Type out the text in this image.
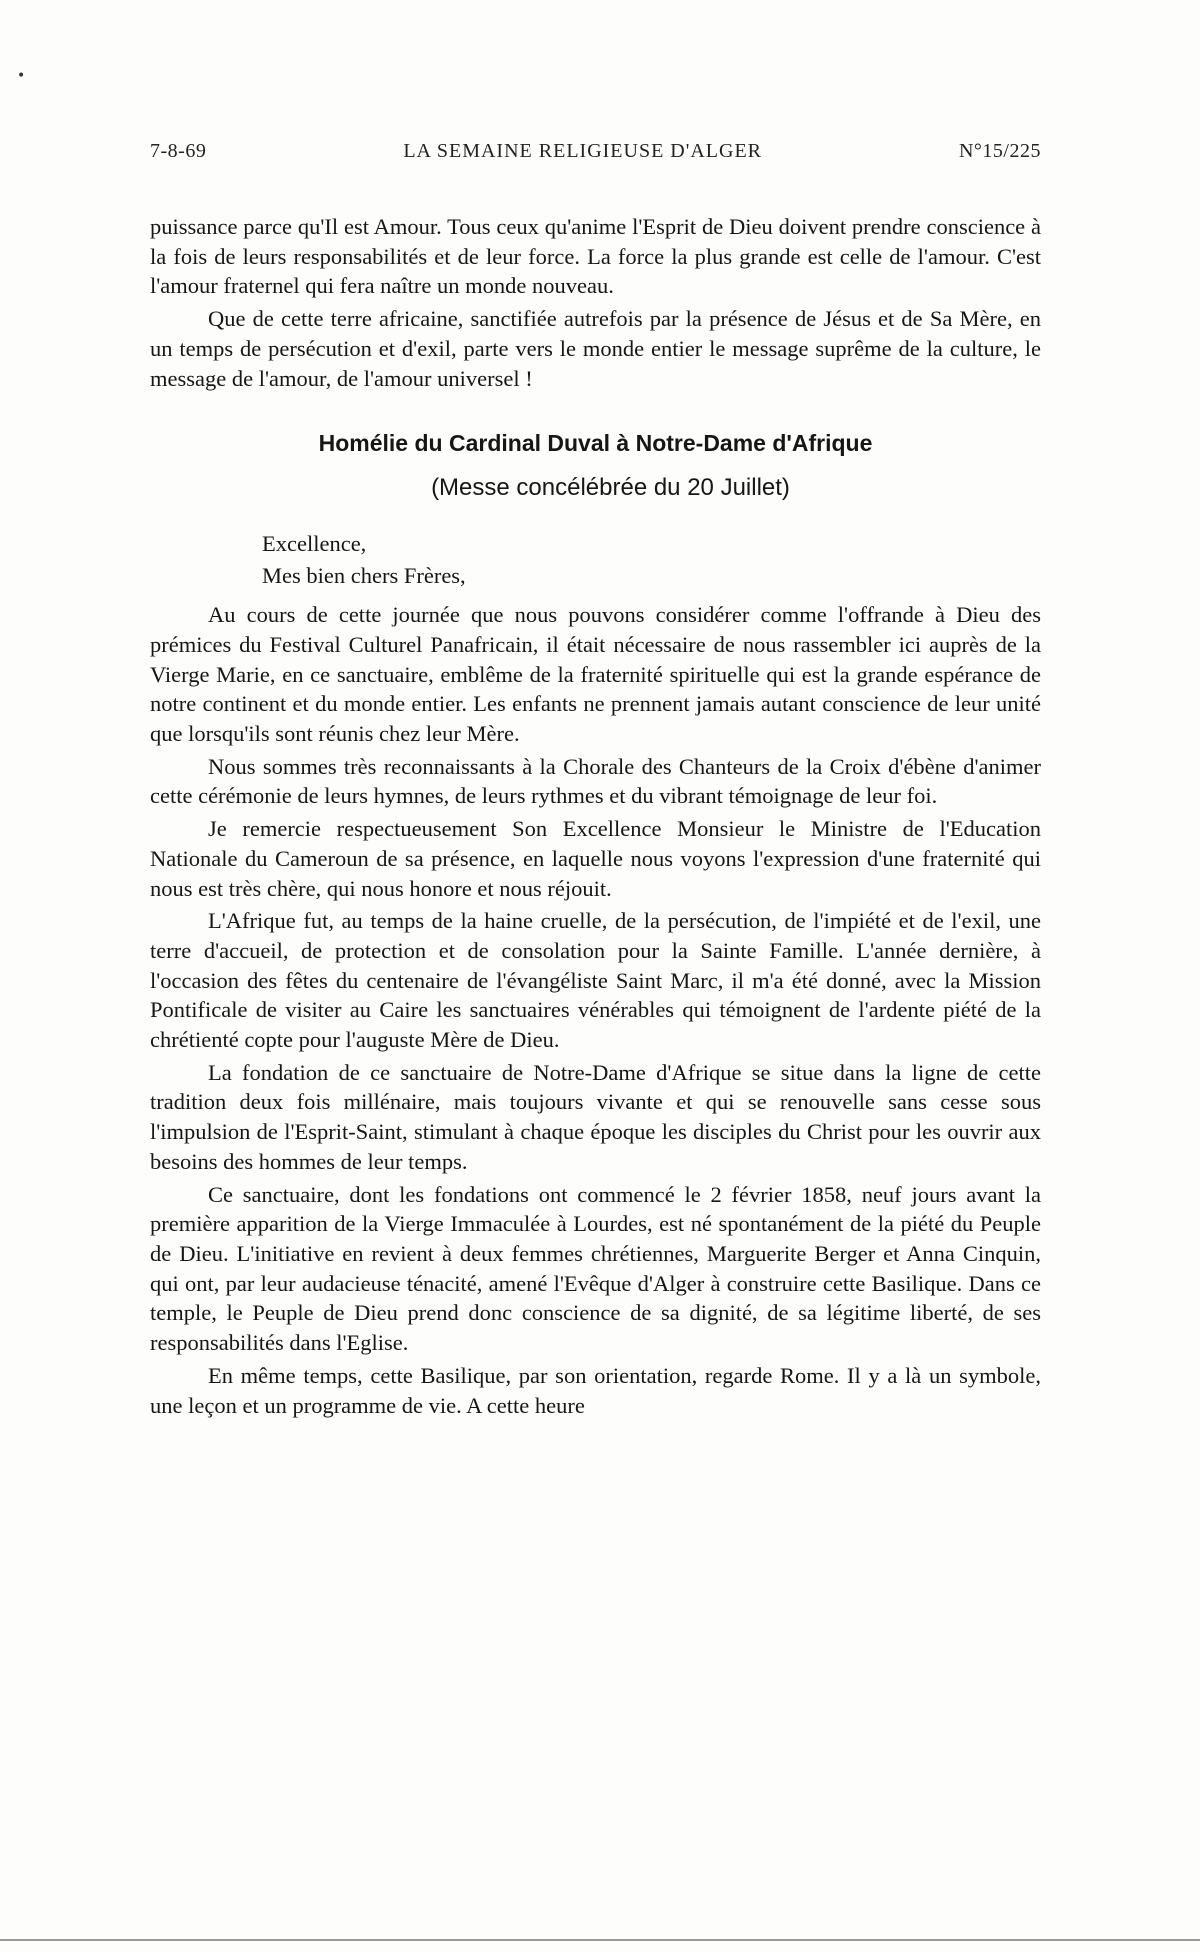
•
7-8-69	LA SEMAINE RELIGIEUSE D'ALGER	N°15/225

puissance parce qu'Il est Amour. Tous ceux qu'anime l'Esprit de Dieu doivent prendre conscience à la fois de leurs responsabilités et de leur force. La force la plus grande est celle de l'amour. C'est l'amour fraternel qui fera naître un monde nouveau.

Que de cette terre africaine, sanctifiée autrefois par la présence de Jésus et de Sa Mère, en un temps de persécution et d'exil, parte vers le monde entier le message suprême de la culture, le message de l'amour, de l'amour universel !

Homélie du Cardinal Duval à Notre-Dame d'Afrique
(Messe concélébrée du 20 Juillet)
Excellence,
Mes bien chers Frères,

Au cours de cette journée que nous pouvons considérer comme l'offrande à Dieu des prémices du Festival Culturel Panafricain, il était nécessaire de nous rassembler ici auprès de la Vierge Marie, en ce sanctuaire, emblême de la fraternité spirituelle qui est la grande espérance de notre continent et du monde entier. Les enfants ne prennent jamais autant conscience de leur unité que lorsqu'ils sont réunis chez leur Mère.

Nous sommes très reconnaissants à la Chorale des Chanteurs de la Croix d'ébène d'animer cette cérémonie de leurs hymnes, de leurs rythmes et du vibrant témoignage de leur foi.

Je remercie respectueusement Son Excellence Monsieur le Ministre de l'Education Nationale du Cameroun de sa présence, en laquelle nous voyons l'expression d'une fraternité qui nous est très chère, qui nous honore et nous réjouit.

L'Afrique fut, au temps de la haine cruelle, de la persécution, de l'impiété et de l'exil, une terre d'accueil, de protection et de consolation pour la Sainte Famille. L'année dernière, à l'occasion des fêtes du centenaire de l'évangéliste Saint Marc, il m'a été donné, avec la Mission Pontificale de visiter au Caire les sanctuaires vénérables qui témoignent de l'ardente piété de la chrétienté copte pour l'auguste Mère de Dieu.

La fondation de ce sanctuaire de Notre-Dame d'Afrique se situe dans la ligne de cette tradition deux fois millénaire, mais toujours vivante et qui se renouvelle sans cesse sous l'impulsion de l'Esprit-Saint, stimulant à chaque époque les disciples du Christ pour les ouvrir aux besoins des hommes de leur temps.

Ce sanctuaire, dont les fondations ont commencé le 2 février 1858, neuf jours avant la première apparition de la Vierge Immaculée à Lourdes, est né spontanément de la piété du Peuple de Dieu. L'initiative en revient à deux femmes chrétiennes, Marguerite Berger et Anna Cinquin, qui ont, par leur audacieuse ténacité, amené l'Evêque d'Alger à construire cette Basilique. Dans ce temple, le Peuple de Dieu prend donc conscience de sa dignité, de sa légitime liberté, de ses responsabilités dans l'Eglise.

En même temps, cette Basilique, par son orientation, regarde Rome. Il y a là un symbole, une leçon et un programme de vie. A cette heure
